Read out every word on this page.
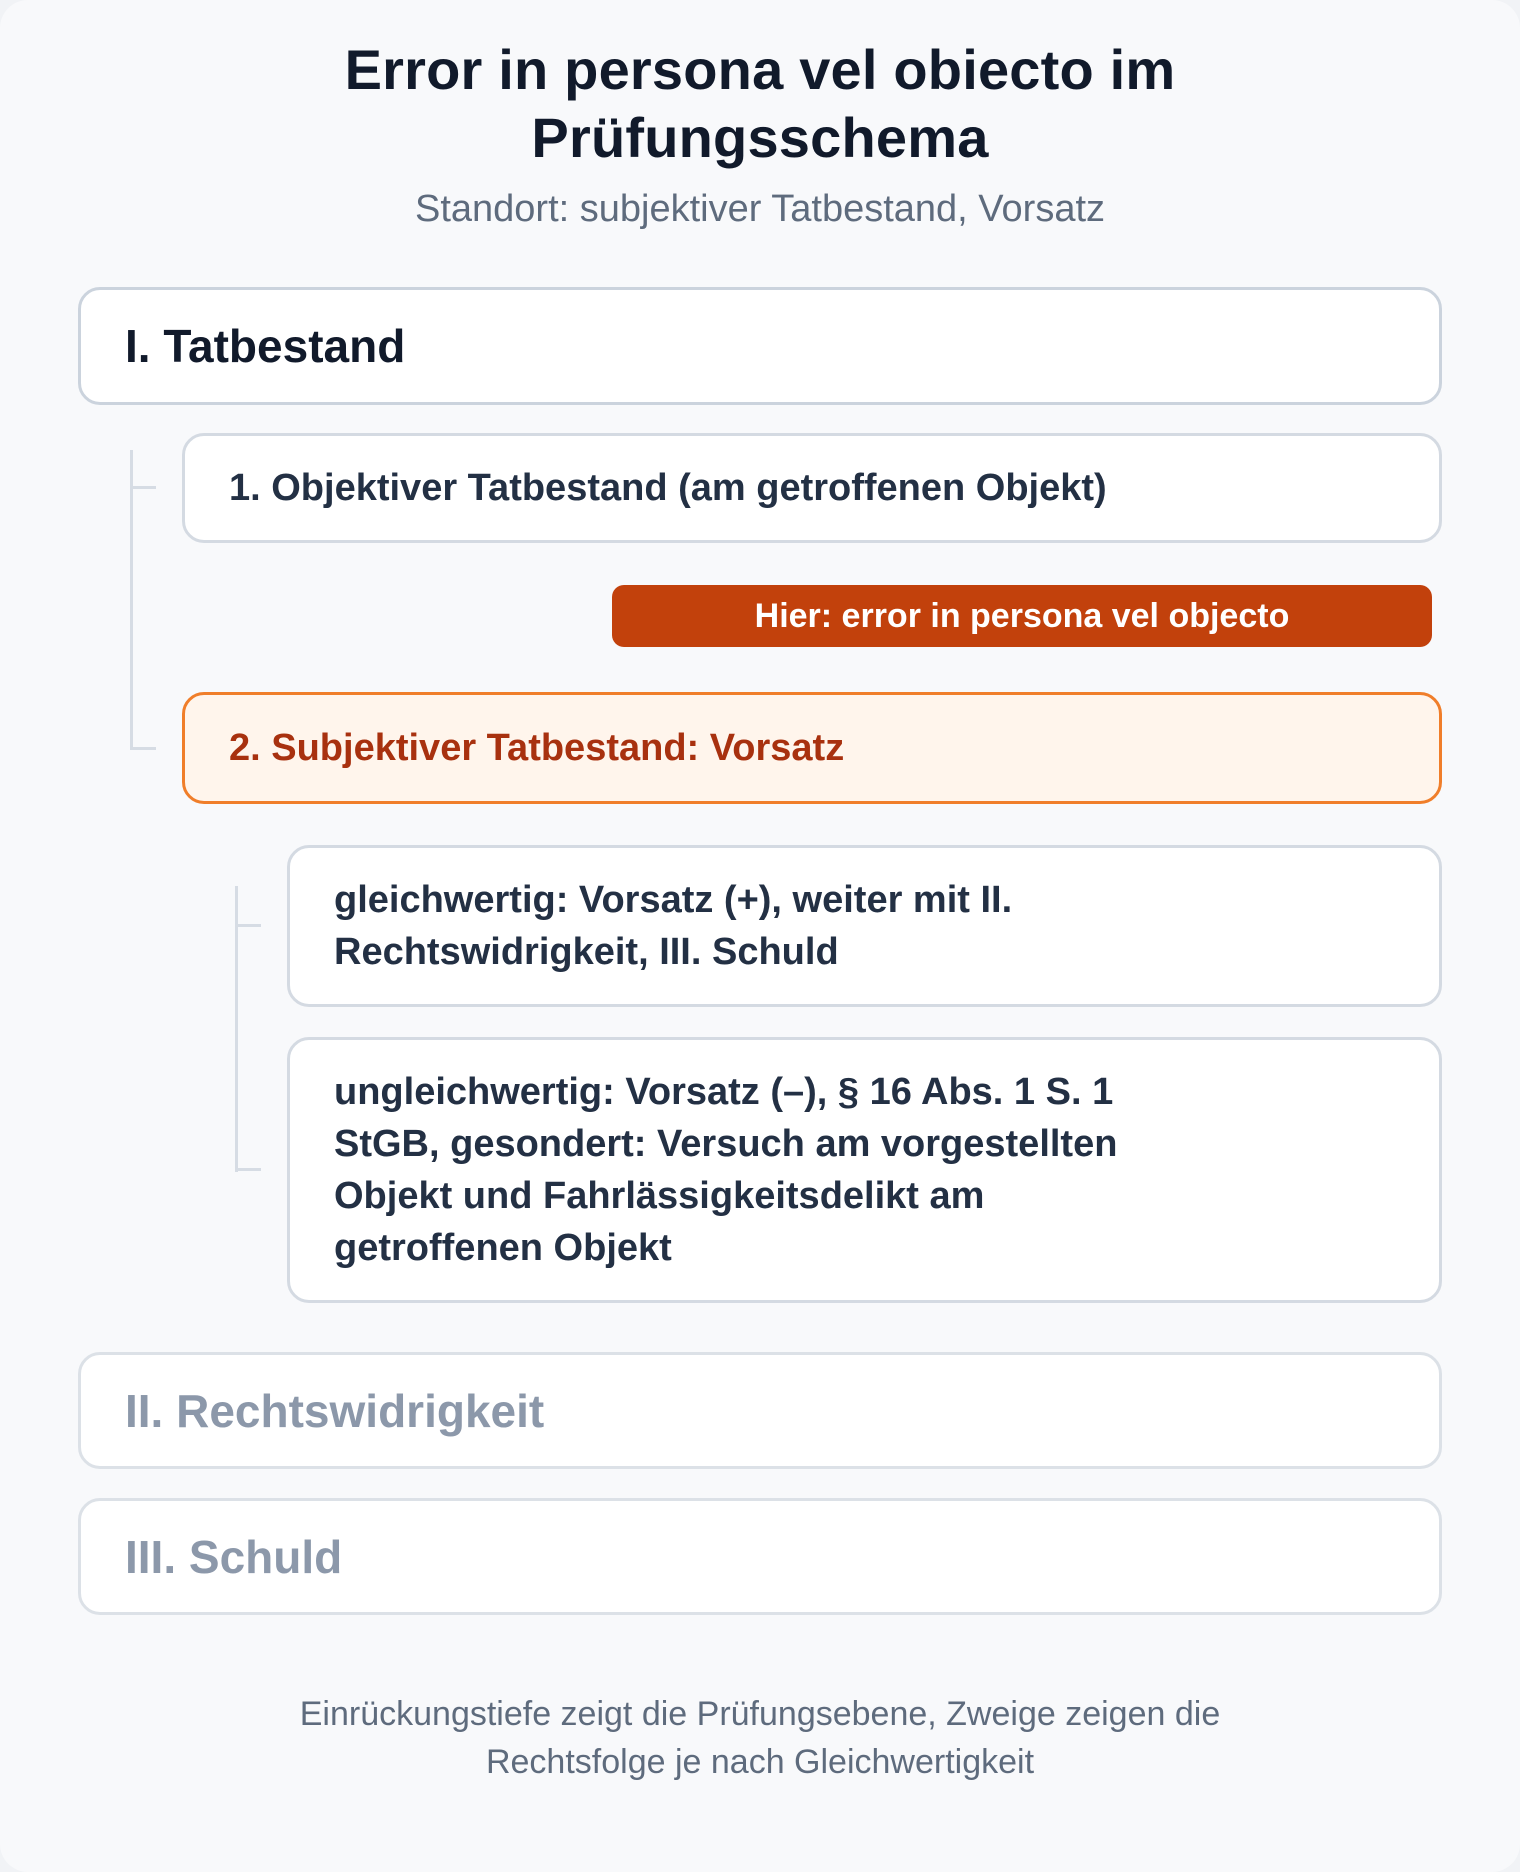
Error in persona vel obiecto im Prüfungsschema
Standort: subjektiver Tatbestand, Vorsatz
I. Tatbestand
1. Objektiver Tatbestand (am getroffenen Objekt)
Hier: error in persona vel objecto
2. Subjektiver Tatbestand: Vorsatz
gleichwertig: Vorsatz (+), weiter mit II. Rechtswidrigkeit, III. Schuld
ungleichwertig: Vorsatz (–), § 16 Abs. 1 S. 1 StGB, gesondert: Versuch am vorgestellten Objekt und Fahrlässigkeitsdelikt am getroffenen Objekt
II. Rechtswidrigkeit
III. Schuld
Einrückungstiefe zeigt die Prüfungsebene, Zweige zeigen die Rechtsfolge je nach Gleichwertigkeit
